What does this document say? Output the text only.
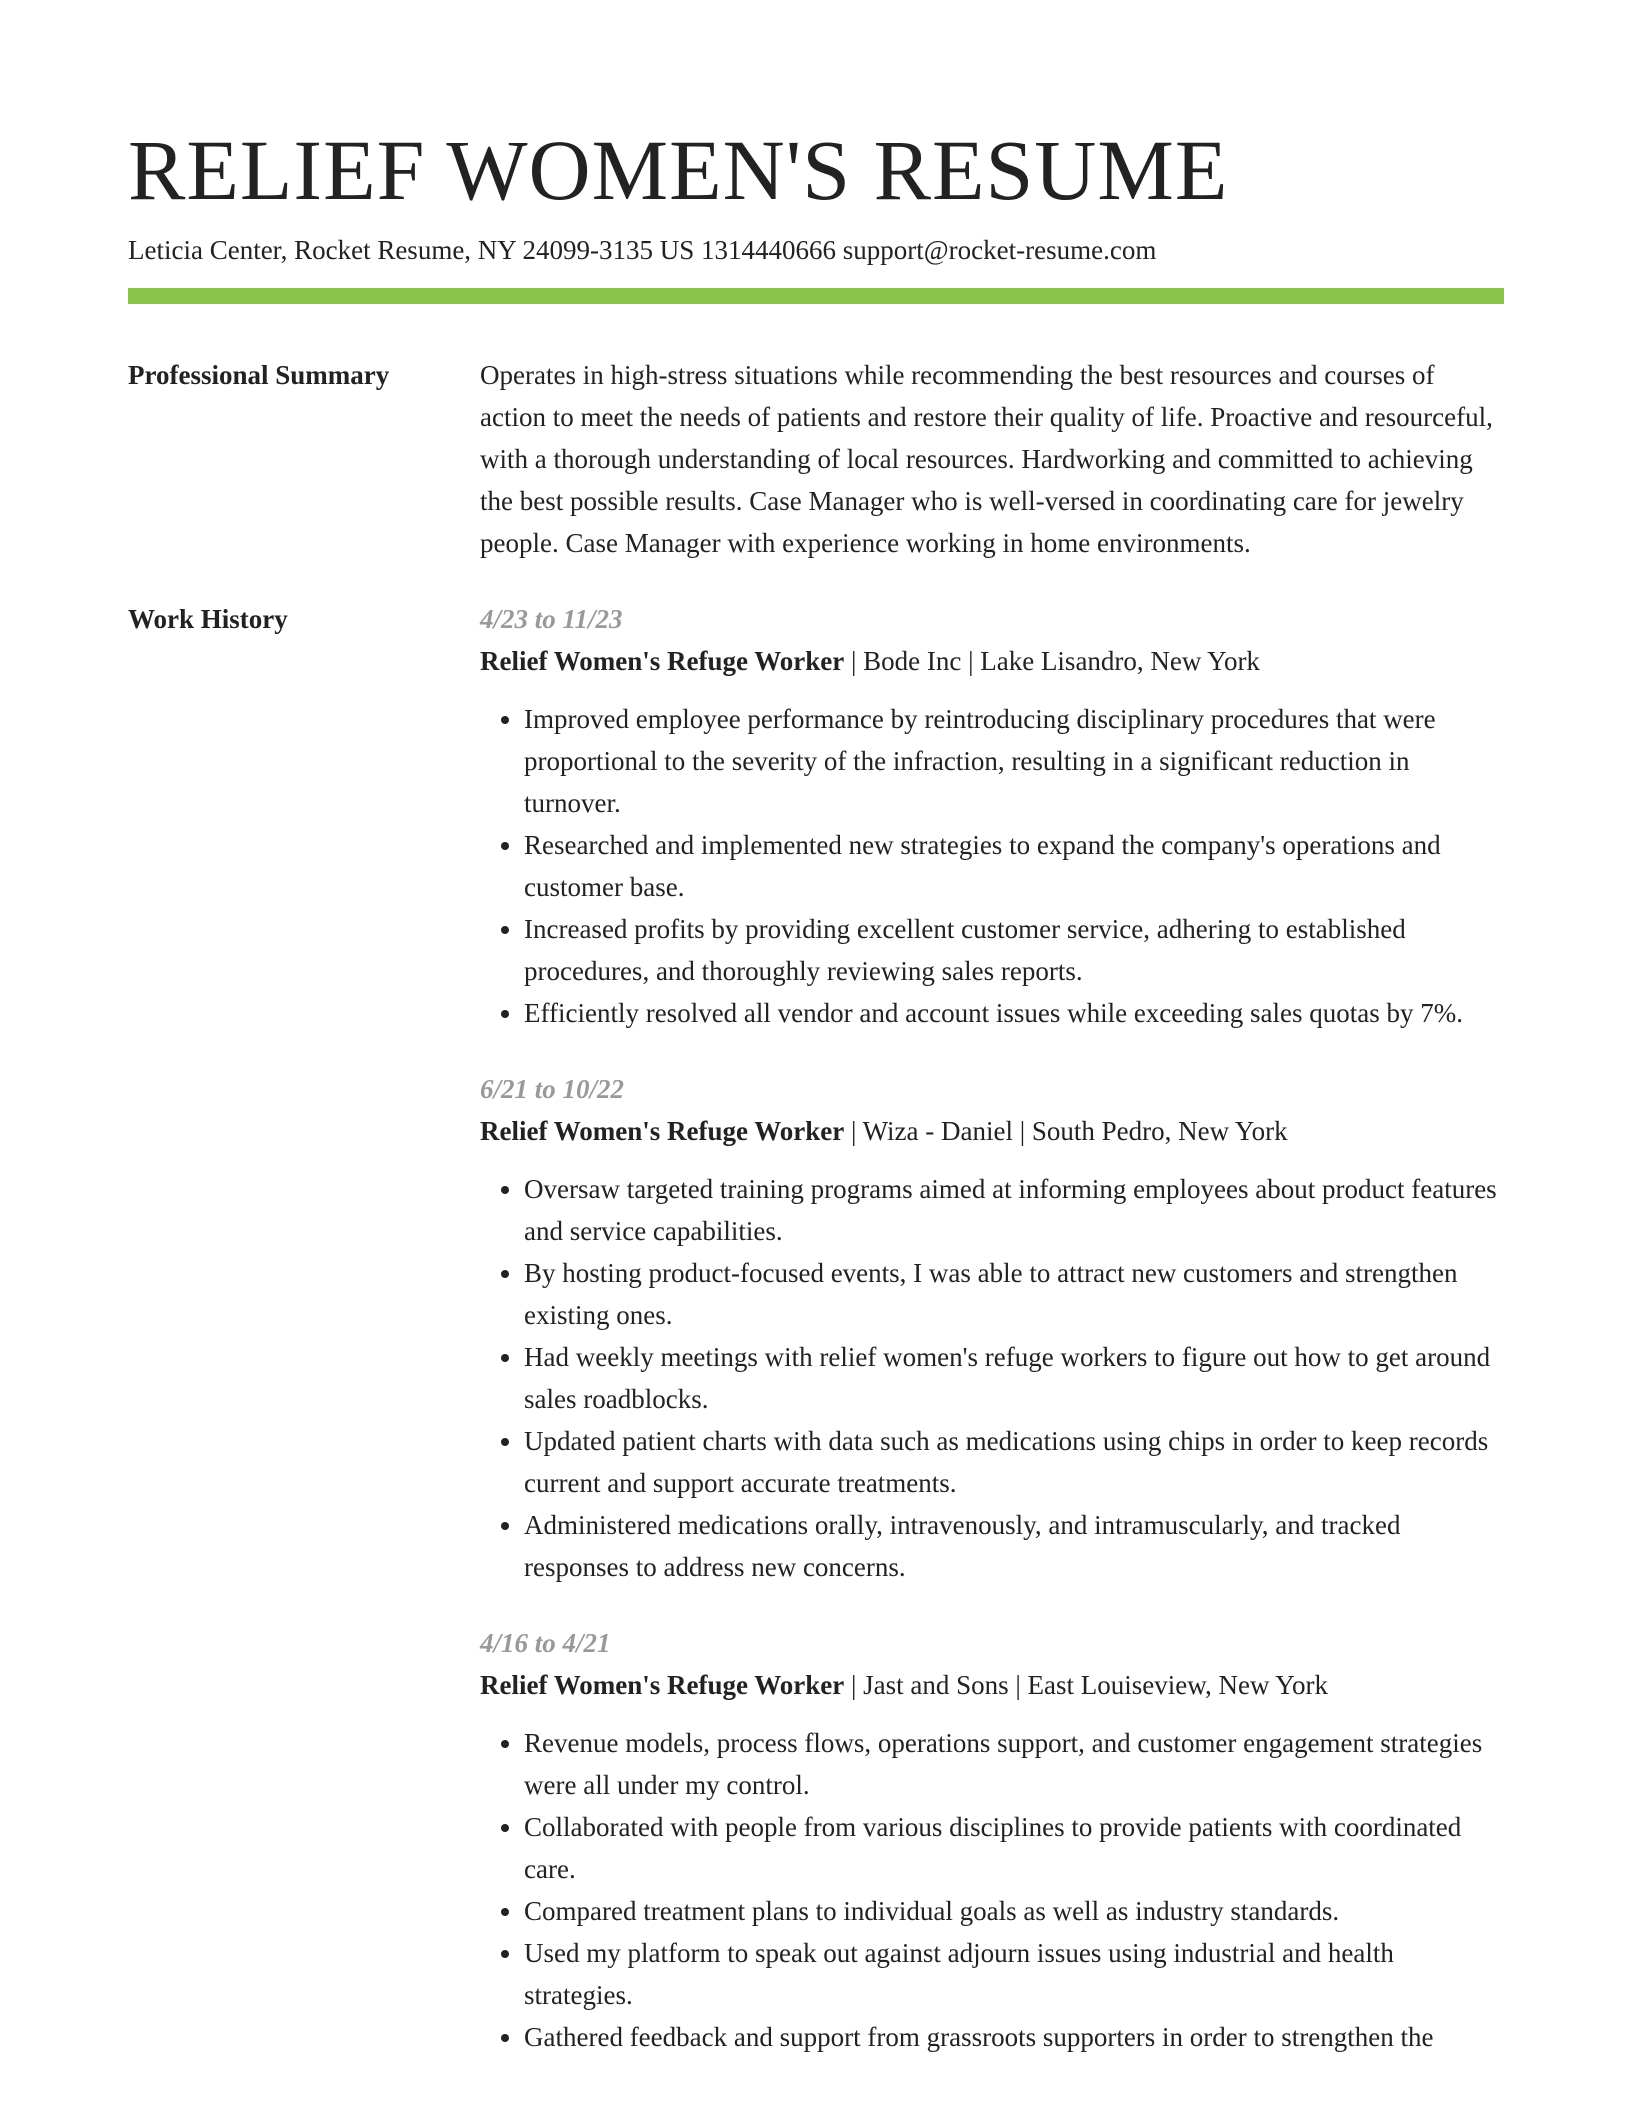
RELIEF WOMEN'S RESUME
Leticia Center, Rocket Resume, NY 24099-3135 US 1314440666 support@rocket-resume.com
Professional Summary	Operates in high-stress situations while recommending the best resources and courses of action to meet the needs of patients and restore their quality of life. Proactive and resourceful, with a thorough understanding of local resources. Hardworking and committed to achieving the best possible results. Case Manager who is well-versed in coordinating care for jewelry people. Case Manager with experience working in home environments.

Work History	4/23 to 11/23
Relief Women's Refuge Worker | Bode Inc | Lake Lisandro, New York
• Improved employee performance by reintroducing disciplinary procedures that were proportional to the severity of the infraction, resulting in a significant reduction in turnover.
• Researched and implemented new strategies to expand the company's operations and customer base.
• Increased profits by providing excellent customer service, adhering to established procedures, and thoroughly reviewing sales reports.
• Efficiently resolved all vendor and account issues while exceeding sales quotas by 7%.
6/21 to 10/22
Relief Women's Refuge Worker | Wiza - Daniel | South Pedro, New York
• Oversaw targeted training programs aimed at informing employees about product features and service capabilities.
• By hosting product-focused events, I was able to attract new customers and strengthen existing ones.
• Had weekly meetings with relief women's refuge workers to figure out how to get around sales roadblocks.
• Updated patient charts with data such as medications using chips in order to keep records current and support accurate treatments.
• Administered medications orally, intravenously, and intramuscularly, and tracked responses to address new concerns.
4/16 to 4/21
Relief Women's Refuge Worker | Jast and Sons | East Louiseview, New York
• Revenue models, process flows, operations support, and customer engagement strategies were all under my control.
• Collaborated with people from various disciplines to provide patients with coordinated care.
• Compared treatment plans to individual goals as well as industry standards.
• Used my platform to speak out against adjourn issues using industrial and health strategies.
• Gathered feedback and support from grassroots supporters in order to strengthen the
